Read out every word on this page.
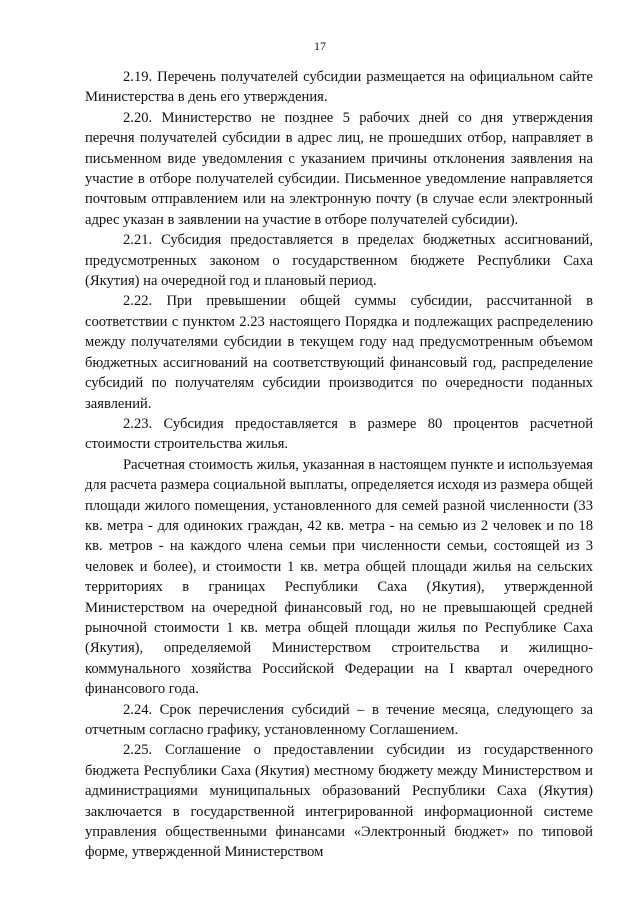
17

2.19. Перечень получателей субсидии размещается на официальном сайте Министерства в день его утверждения.

2.20. Министерство не позднее 5 рабочих дней со дня утверждения перечня получателей субсидии в адрес лиц, не прошедших отбор, направляет в письменном виде уведомления с указанием причины отклонения заявления на участие в отборе получателей субсидии. Письменное уведомление направляется почтовым отправлением или на электронную почту (в случае если электронный адрес указан в заявлении на участие в отборе получателей субсидии).

2.21. Субсидия предоставляется в пределах бюджетных ассигнований, предусмотренных законом о государственном бюджете Республики Саха (Якутия) на очередной год и плановый период.

2.22. При превышении общей суммы субсидии, рассчитанной в соответствии с пунктом 2.23 настоящего Порядка и подлежащих распределению между получателями субсидии в текущем году над предусмотренным объемом бюджетных ассигнований на соответствующий финансовый год, распределение субсидий по получателям субсидии производится по очередности поданных заявлений.

2.23. Субсидия предоставляется в размере 80 процентов расчетной стоимости строительства жилья.

Расчетная стоимость жилья, указанная в настоящем пункте и используемая для расчета размера социальной выплаты, определяется исходя из размера общей площади жилого помещения, установленного для семей разной численности (33 кв. метра - для одиноких граждан, 42 кв. метра - на семью из 2 человек и по 18 кв. метров - на каждого члена семьи при численности семьи, состоящей из 3 человек и более), и стоимости 1 кв. метра общей площади жилья на сельских территориях в границах Республики Саха (Якутия), утвержденной Министерством на очередной финансовый год, но не превышающей средней рыночной стоимости 1 кв. метра общей площади жилья по Республике Саха (Якутия), определяемой Министерством строительства и жилищно-коммунального хозяйства Российской Федерации на I квартал очередного финансового года.

2.24. Срок перечисления субсидий – в течение месяца, следующего за отчетным согласно графику, установленному Соглашением.

2.25. Соглашение о предоставлении субсидии из государственного бюджета Республики Саха (Якутия) местному бюджету между Министерством и администрациями муниципальных образований Республики Саха (Якутия) заключается в государственной интегрированной информационной системе управления общественными финансами «Электронный бюджет» по типовой форме, утвержденной Министерством
